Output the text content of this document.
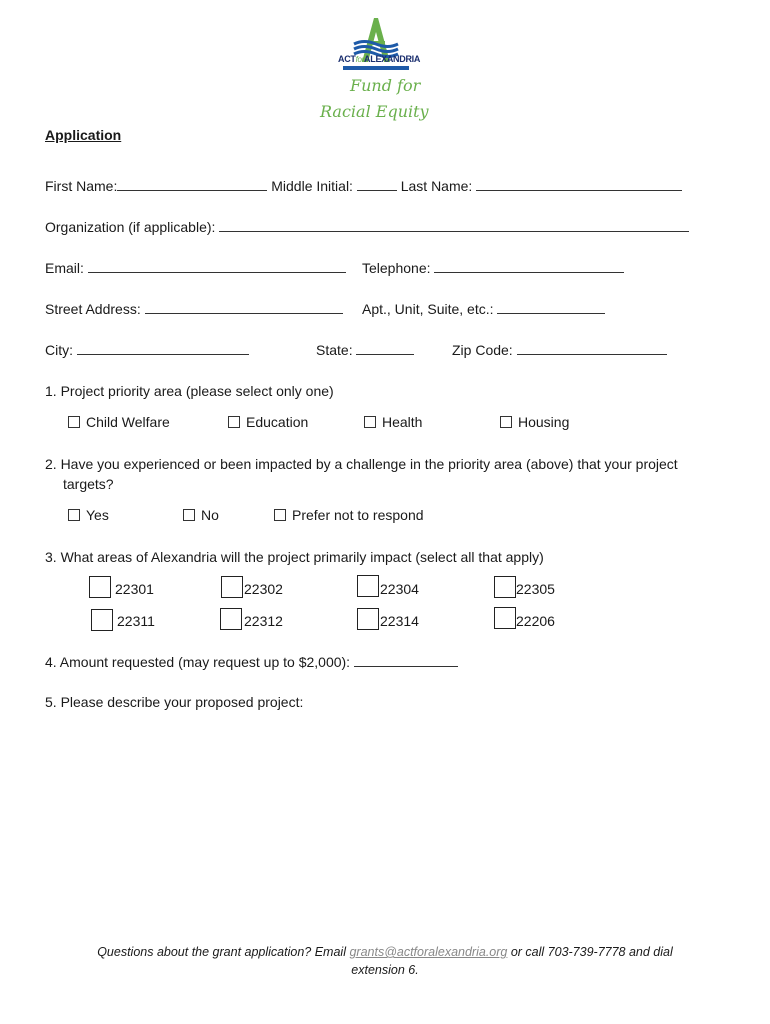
ACTforALEXANDRIA
Fund for
Racial Equity
Application
First Name:	Middle Initial:	Last Name:
Organization (if applicable):
Email:	Telephone:
Street Address:	Apt., Unit, Suite, etc.:
City:	State:	Zip Code:
1. Project priority area (please select only one)
Child Welfare	Education	Health	Housing
2. Have you experienced or been impacted by a challenge in the priority area (above) that your project
targets?
Yes	No	Prefer not to respond
3. What areas of Alexandria will the project primarily impact (select all that apply)
22301	22302	22304	22305
22311	22312	22314	22206
4. Amount requested (may request up to $2,000):
5. Please describe your proposed project:
Questions about the grant application? Email grants@actforalexandria.org or call 703-739-7778 and dial
extension 6.
